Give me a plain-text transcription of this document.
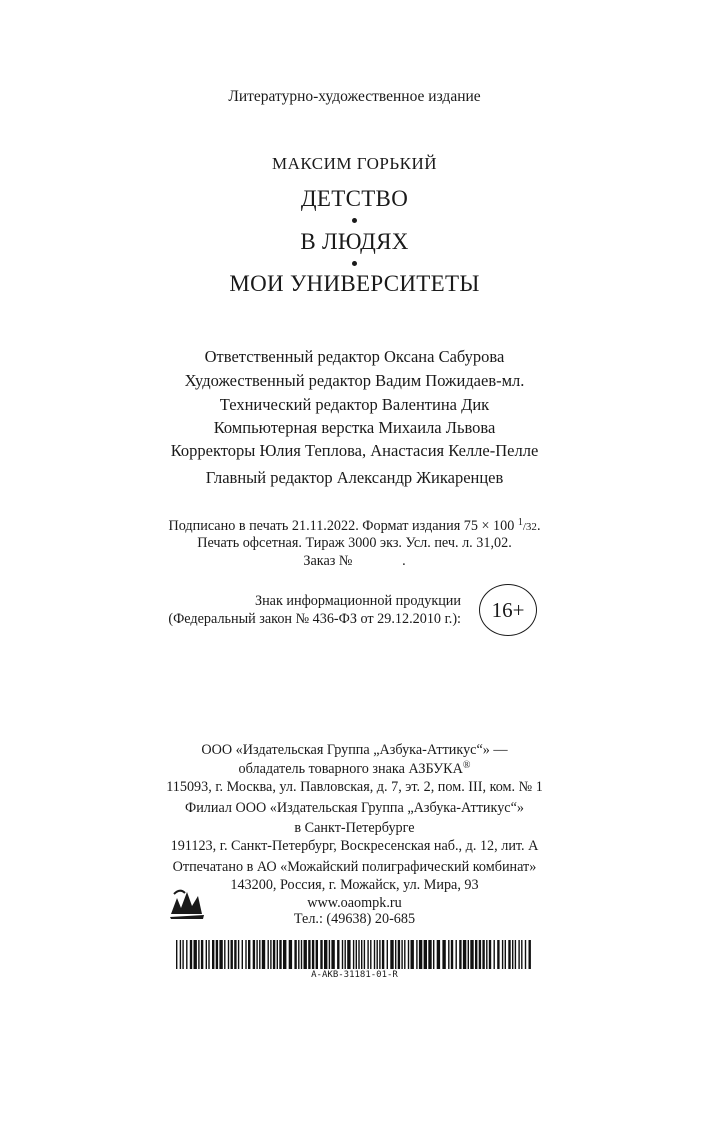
Литературно-художественное издание
МАКСИМ ГОРЬКИЙ
ДЕТСТВО
В ЛЮДЯХ
МОИ УНИВЕРСИТЕТЫ
Ответственный редактор Оксана Сабурова
Художественный редактор Вадим Пожидаев-мл.
Технический редактор Валентина Дик
Компьютерная верстка Михаила Львова
Корректоры Юлия Теплова, Анастасия Келле-Пелле
Главный редактор Александр Жикаренцев
Подписано в печать 21.11.2022. Формат издания 75 × 100 $^1$/32.
Печать офсетная. Тираж 3000 экз. Усл. печ. л. 31,02.
Заказ №              .
Знак информационной продукции
(Федеральный закон № 436-ФЗ от 29.12.2010 г.):	16+
ООО «Издательская Группа „Азбука-Аттикус“» —
обладатель товарного знака АЗБУКА®
115093, г. Москва, ул. Павловская, д. 7, эт. 2, пом. III, ком. № 1
Филиал ООО «Издательская Группа „Азбука-Аттикус“»
в Санкт-Петербурге
191123, г. Санкт-Петербург, Воскресенская наб., д. 12, лит. А
Отпечатано в АО «Можайский полиграфический комбинат»
143200, Россия, г. Можайск, ул. Мира, 93
www.oaompk.ru
Тел.: (49638) 20-685
A-AKB-31181-01-R
